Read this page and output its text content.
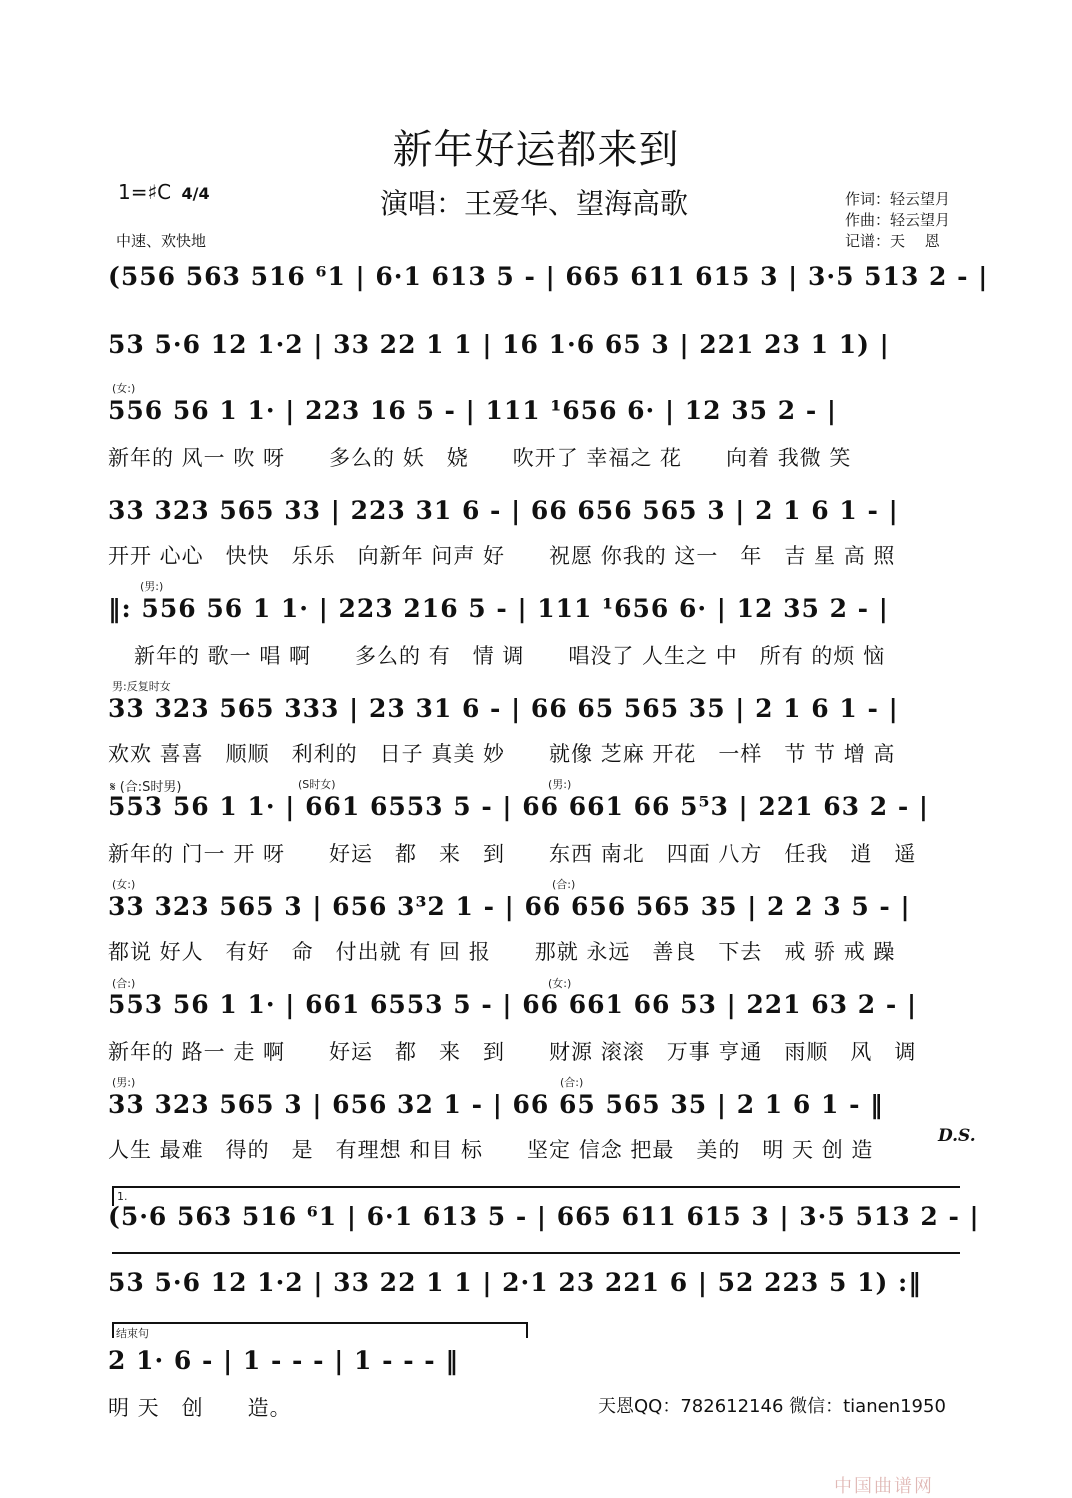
新年好运都来到
演唱：王爱华、望海高歌	作词：轻云望月
作曲：轻云望月
记谱：天　 恩
1=♯C 4/4
中速、欢快地
(556 563 516 ⁶1 | 6·1 613 5 - | 665 611 615 3 | 3·5 513 2 - |
53 5·6 12 1·2 | 33 22 1 1 | 16 1·6 65 3 | 221 23 1 1) |
(女:)
556 56 1 1· | 223 16 5 - | 111 ¹656 6· | 12 35 2 - |
新年的 风一 吹 呀　　多么的 妖　娆　　吹开了 幸福之 花　　向着 我微 笑
33 323 565 33 | 223 31 6 - | 66 656 565 3 | 2 1 6 1 - |
开开 心心　快快　乐乐　向新年 问声 好　　祝愿 你我的 这一　年　吉 星 高 照
(男:)
‖: 556 56 1 1· | 223 216 5 - | 111 ¹656 6· | 12 35 2 - |
新年的 歌一 唱 啊　　多么的 有　情 调　　唱没了 人生之 中　所有 的烦 恼
男:反复时女
33 323 565 333 | 23 31 6 - | 66 65 565 35 | 2 1 6 1 - |
欢欢 喜喜　顺顺　利利的　日子 真美 妙　　就像 芝麻 开花　一样　节 节 增 高
𝄋 (合:S时男)	(S时女)	(男:)
553 56 1 1· | 661 6553 5 - | 66 661 66 5⁵3 | 221 63 2 - |
新年的 门一 开 呀　　好运　都　来　到　　东西 南北　四面 八方　任我　逍　遥
(女:)	(合:)
33 323 565 3 | 656 3³2 1 - | 66 656 565 35 | 2 2 3 5 - |
都说 好人　有好　命　付出就 有 回 报　　那就 永远　善良　下去　戒 骄 戒 躁
(合:)	(女:)
553 56 1 1· | 661 6553 5 - | 66 661 66 53 | 221 63 2 - |
新年的 路一 走 啊　　好运　都　来　到　　财源 滚滚　万事 亨通　雨顺　风　调
(男:)	(合:)
33 323 565 3 | 656 32 1 - | 66 65 565 35 | 2 1 6 1 - ‖
D.S.
人生 最难　得的　是　有理想 和目 标　　坚定 信念 把最　美的　明 天 创 造
1.
(5·6 563 516 ⁶1 | 6·1 613 5 - | 665 611 615 3 | 3·5 513 2 - |
53 5·6 12 1·2 | 33 22 1 1 | 2·1 23 221 6 | 52 223 5 1) :‖
结束句
2 1· 6 - | 1 - - - | 1 - - - ‖
明 天　创　　造。	天恩QQ：782612146 微信：tianen1950
中国曲谱网
